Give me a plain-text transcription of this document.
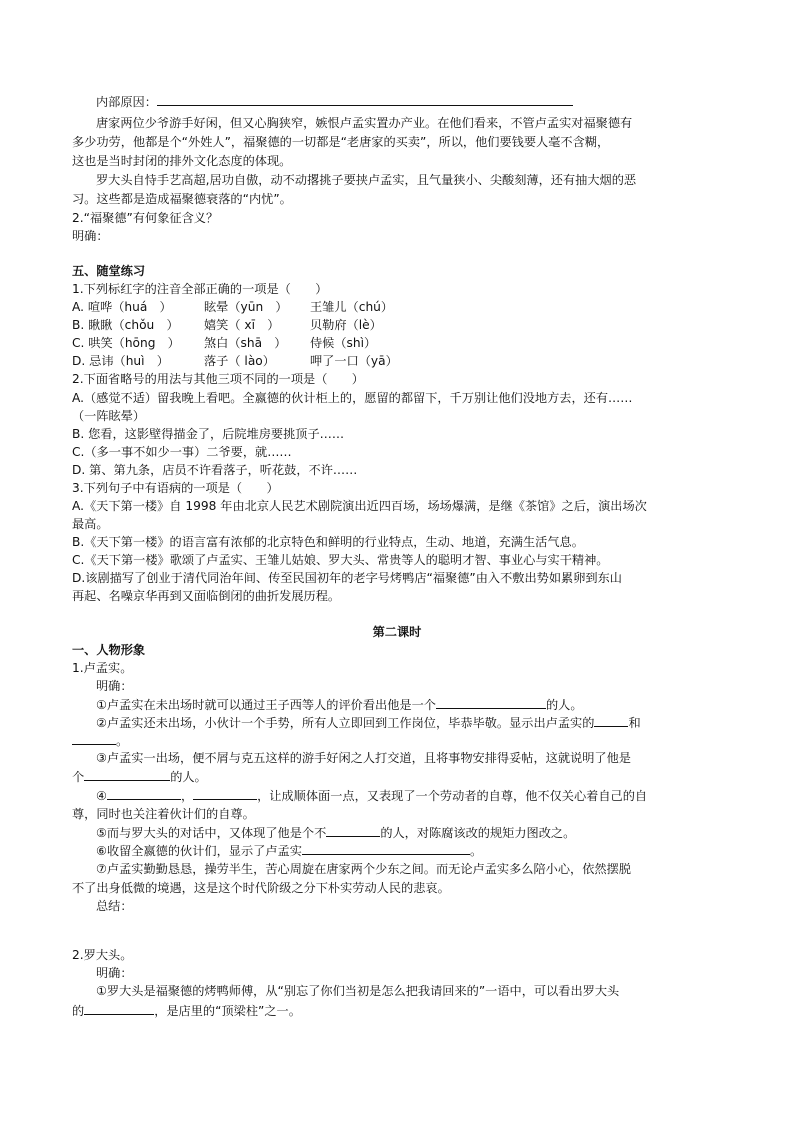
内部原因：
唐家两位少爷游手好闲，但又心胸狭窄，嫉恨卢孟实置办产业。在他们看来，不管卢孟实对福聚德有
多少功劳，他都是个“外姓人”，福聚德的一切都是“老唐家的买卖”，所以，他们要钱要人毫不含糊，
这也是当时封闭的排外文化态度的体现。
罗大头自恃手艺高超,居功自傲，动不动撂挑子要挟卢孟实，且气量狭小、尖酸刻薄，还有抽大烟的恶
习。这些都是造成福聚德衰落的“内忧”。
2.“福聚德”有何象征含义？
明确：
五、随堂练习
1.下列标红字的注音全部正确的一项是（　　）
A. 喧哗（huá　）	眩晕（yūn　） 王雏儿（chú）
B. 瞅瞅（chǒu　） 嬉笑（ xī　）	贝勒府（lè）
C. 哄笑（hōng　） 煞白（shā　） 侍候（shì）
D. 忌讳（huì　）	落子（ lào）	呷了一口（yā）
2.下面省略号的用法与其他三项不同的一项是（　　）
A.（感觉不适）留我晚上看吧。全嬴德的伙计柜上的，愿留的都留下，千万别让他们没地方去，还有……
（一阵眩晕）
B. 您看，这影壁得描金了，后院堆房要挑顶子……
C.（多一事不如少一事）二爷要，就……
D. 第、第九条，店员不许看落子，听花鼓，不许……
3.下列句子中有语病的一项是（　　）
A.《天下第一楼》自 1998 年由北京人民艺术剧院演出近四百场，场场爆满，是继《茶馆》之后，演出场次
最高。
B.《天下第一楼》的语言富有浓郁的北京特色和鲜明的行业特点，生动、地道，充满生活气息。
C.《天下第一楼》歌颂了卢孟实、王雏儿姑娘、罗大头、常贵等人的聪明才智、事业心与实干精神。
D.该剧描写了创业于清代同治年间、传至民国初年的老字号烤鸭店“福聚德”由入不敷出势如累卵到东山
再起、名噪京华再到又面临倒闭的曲折发展历程。
第二课时
一、人物形象
1.卢孟实。
明确：
①卢孟实在未出场时就可以通过王子西等人的评价看出他是一个	的人。
②卢孟实还未出场，小伙计一个手势，所有人立即回到工作岗位，毕恭毕敬。显示出卢孟实的	和
。
③卢孟实一出场，便不屑与克五这样的游手好闲之人打交道，且将事物安排得妥帖，这就说明了他是
个	的人。
④	，	，让成顺体面一点，又表现了一个劳动者的自尊，他不仅关心着自己的自
尊，同时也关注着伙计们的自尊。
⑤而与罗大头的对话中，又体现了他是个不	的人，对陈腐该改的规矩力图改之。
⑥收留全嬴德的伙计们，显示了卢孟实	。
⑦卢孟实勤勤恳恳，操劳半生，苦心周旋在唐家两个少东之间。而无论卢孟实多么陪小心，依然摆脱
不了出身低微的境遇，这是这个时代阶级之分下朴实劳动人民的悲哀。
总结：
2.罗大头。
明确：
①罗大头是福聚德的烤鸭师傅，从“别忘了你们当初是怎么把我请回来的”一语中，可以看出罗大头
的	，是店里的“顶梁柱”之一。
